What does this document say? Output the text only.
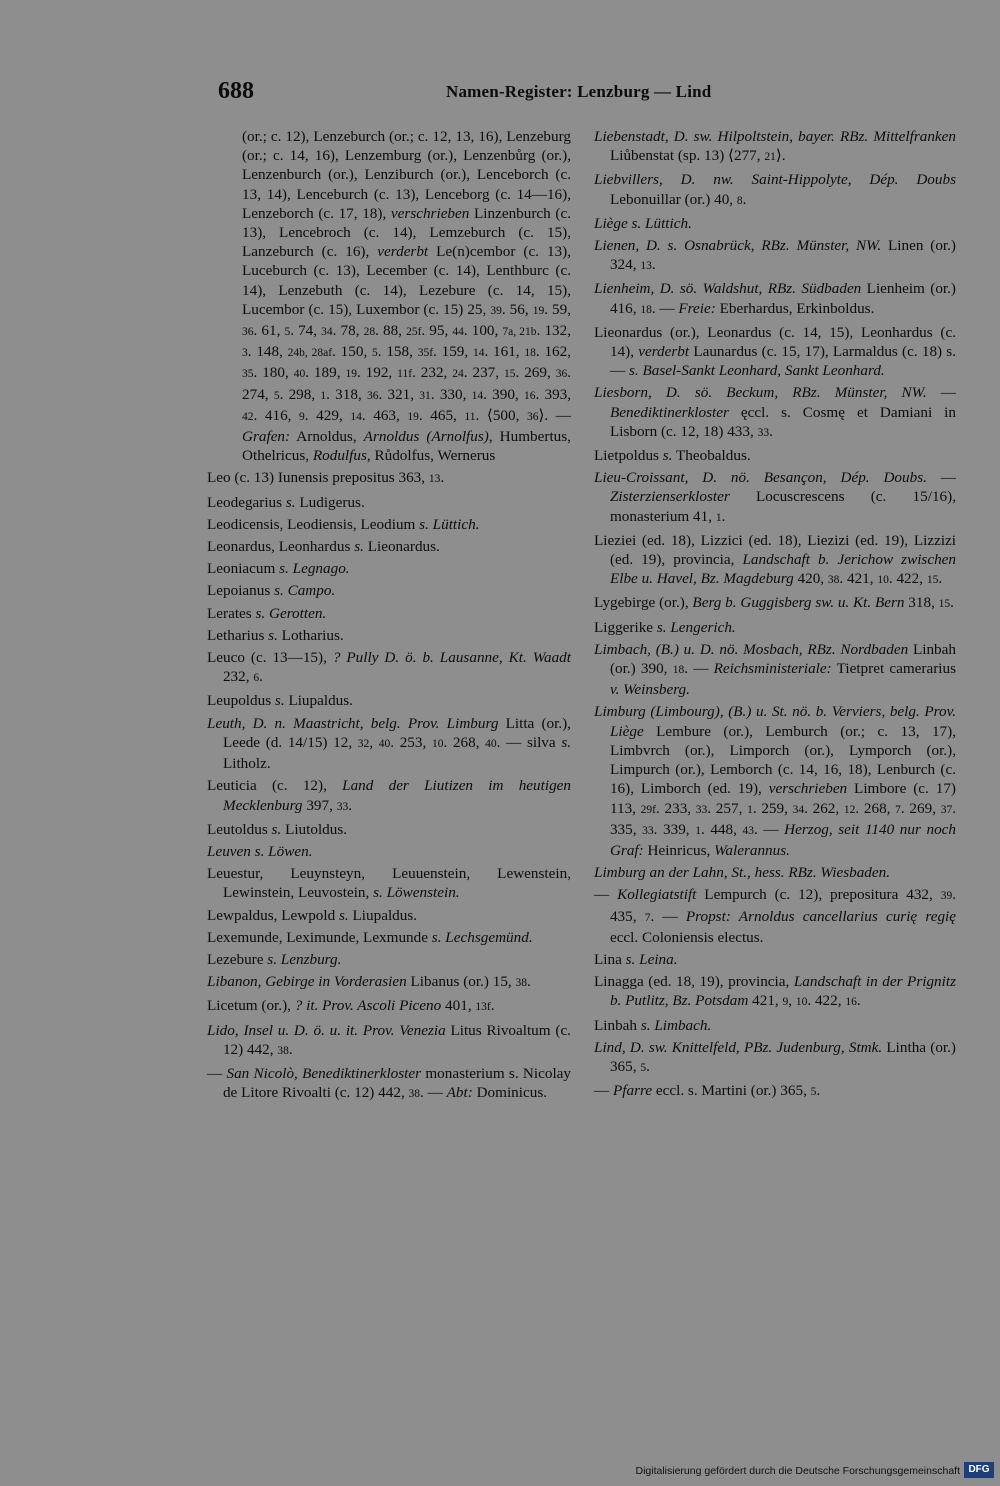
688	Namen-Register: Lenzburg — Lind

(or.; c. 12), Lenzeburch (or.; c. 12, 13, 16), Lenzeburg (or.; c. 14, 16), Lenzemburg (or.), Lenzenbůrg (or.), Lenzenburch (or.), Lenziburch (or.), Lenceborch (c. 13, 14), Lenceburch (c. 13), Lenceborg (c. 14—16), Lenzeborch (c. 17, 18), verschrieben Linzenburch (c. 13), Lencebroch (c. 14), Lemzeburch (c. 15), Lanzeburch (c. 16), verderbt Le(n)cembor (c. 13), Luceburch (c. 13), Lecember (c. 14), Lenthburc (c. 14), Lenzebuth (c. 14), Lezebure (c. 14, 15), Lucembor (c. 15), Luxembor (c. 15) 25, 39. 56, 19. 59, 36. 61, 5. 74, 34. 78, 28. 88, 25f. 95, 44. 100, 7a, 21b. 132, 3. 148, 24b, 28af. 150, 5. 158, 35f. 159, 14. 161, 18. 162, 35. 180, 40. 189, 19. 192, 11f. 232, 24. 237, 15. 269, 36. 274, 5. 298, 1. 318, 36. 321, 31. 330, 14. 390, 16. 393, 42. 416, 9. 429, 14. 463, 19. 465, 11. ⟨500, 36⟩. — Grafen: Arnoldus, Arnoldus (Arnolfus), Humbertus, Othelricus, Rodulfus, Růdolfus, Wernerus

Leo (c. 13) Iunensis prepositus 363, 13.

Leodegarius s. Ludigerus.

Leodicensis, Leodiensis, Leodium s. Lüttich.

Leonardus, Leonhardus s. Lieonardus.

Leoniacum s. Legnago.

Lepoianus s. Campo.

Lerates s. Gerotten.

Letharius s. Lotharius.

Leuco (c. 13—15), ? Pully D. ö. b. Lausanne, Kt. Waadt 232, 6.

Leupoldus s. Liupaldus.

Leuth, D. n. Maastricht, belg. Prov. Limburg Litta (or.), Leede (d. 14/15) 12, 32, 40. 253, 10. 268, 40. — silva s. Litholz.

Leuticia (c. 12), Land der Liutizen im heutigen Mecklenburg 397, 33.

Leutoldus s. Liutoldus.

Leuven s. Löwen.

Leuestur, Leuynsteyn, Leuuenstein, Lewenstein, Lewinstein, Leuvostein, s. Löwenstein.

Lewpaldus, Lewpold s. Liupaldus.

Lexemunde, Leximunde, Lexmunde s. Lechsgemünd.

Lezebure s. Lenzburg.

Libanon, Gebirge in Vorderasien Libanus (or.) 15, 38.

Licetum (or.), ? it. Prov. Ascoli Piceno 401, 13f.

Lido, Insel u. D. ö. u. it. Prov. Venezia Litus Rivoaltum (c. 12) 442, 38.

— San Nicolò, Benediktinerkloster monasterium s. Nicolay de Litore Rivoalti (c. 12) 442, 38. — Abt: Dominicus.

Liebenstadt, D. sw. Hilpoltstein, bayer. RBz. Mittelfranken Liůbenstat (sp. 13) ⟨277, 21⟩.

Liebvillers, D. nw. Saint-Hippolyte, Dép. Doubs Lebonuillar (or.) 40, 8.

Liège s. Lüttich.

Lienen, D. s. Osnabrück, RBz. Münster, NW. Linen (or.) 324, 13.

Lienheim, D. sö. Waldshut, RBz. Südbaden Lienheim (or.) 416, 18. — Freie: Eberhardus, Erkinboldus.

Lieonardus (or.), Leonardus (c. 14, 15), Leonhardus (c. 14), verderbt Launardus (c. 15, 17), Larmaldus (c. 18) s. — s. Basel-Sankt Leonhard, Sankt Leonhard.

Liesborn, D. sö. Beckum, RBz. Münster, NW. — Benediktinerkloster ęccl. s. Cosmę et Damiani in Lisborn (c. 12, 18) 433, 33.

Lietpoldus s. Theobaldus.

Lieu-Croissant, D. nö. Besançon, Dép. Doubs. — Zisterzienserkloster Locuscrescens (c. 15/16), monasterium 41, 1.

Lieziei (ed. 18), Lizzici (ed. 18), Liezizi (ed. 19), Lizzizi (ed. 19), provincia, Landschaft b. Jerichow zwischen Elbe u. Havel, Bz. Magdeburg 420, 38. 421, 10. 422, 15.

Lygebirge (or.), Berg b. Guggisberg sw. u. Kt. Bern 318, 15.

Liggerike s. Lengerich.

Limbach, (B.) u. D. nö. Mosbach, RBz. Nordbaden Linbah (or.) 390, 18. — Reichsministeriale: Tietpret camerarius v. Weinsberg.

Limburg (Limbourg), (B.) u. St. nö. b. Verviers, belg. Prov. Liège Lembure (or.), Lemburch (or.; c. 13, 17), Limbvrch (or.), Limporch (or.), Lymporch (or.), Limpurch (or.), Lemborch (c. 14, 16, 18), Lenburch (c. 16), Limborch (ed. 19), verschrieben Limbore (c. 17) 113, 29f. 233, 33. 257, 1. 259, 34. 262, 12. 268, 7. 269, 37. 335, 33. 339, 1. 448, 43. — Herzog, seit 1140 nur noch Graf: Heinricus, Walerannus.

Limburg an der Lahn, St., hess. RBz. Wiesbaden.

— Kollegiatstift Lempurch (c. 12), prepositura 432, 39. 435, 7. — Propst: Arnoldus cancellarius curię regię eccl. Coloniensis electus.

Lina s. Leina.

Linagga (ed. 18, 19), provincia, Landschaft in der Prignitz b. Putlitz, Bz. Potsdam 421, 9, 10. 422, 16.

Linbah s. Limbach.

Lind, D. sw. Knittelfeld, PBz. Judenburg, Stmk. Lintha (or.) 365, 5.

— Pfarre eccl. s. Martini (or.) 365, 5.

Digitalisierung gefördert durch die Deutsche Forschungsgemeinschaft DFG
